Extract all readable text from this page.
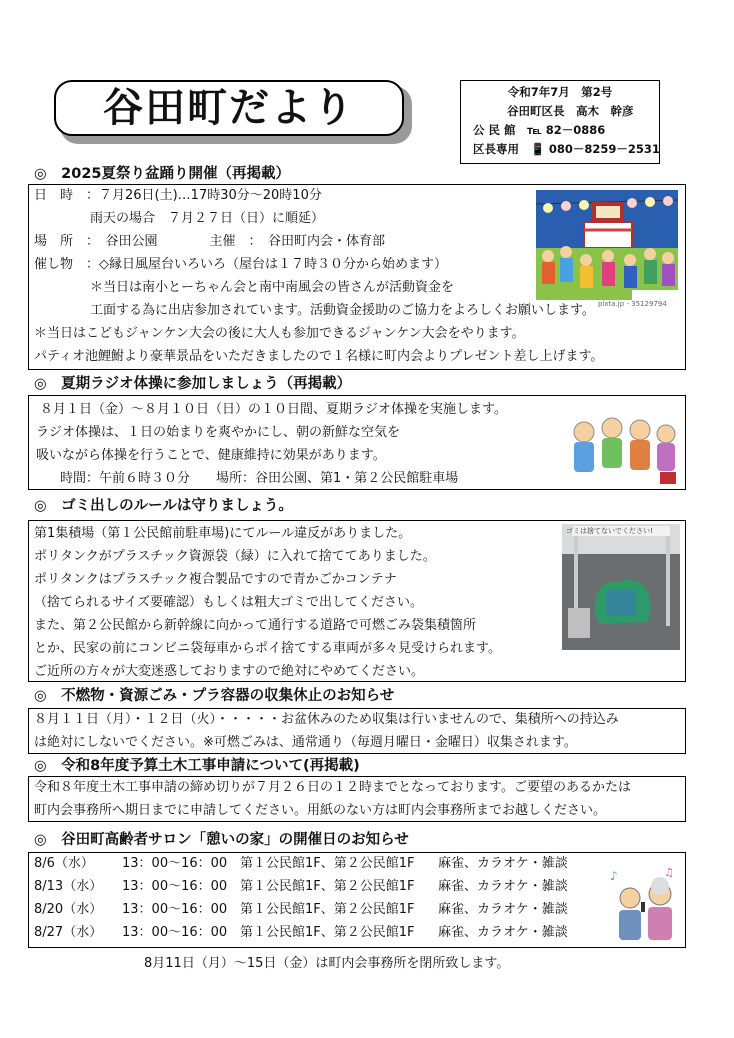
谷田町だより	令和7年7月　第2号
谷田町区長　高木　幹彦
公 民 館　℡ 82－0886
区長専用　📱 080－8259－2531
◎　2025夏祭り盆踊り開催（再掲載）
日　時　：７月26日(土)…17時30分～20時10分
雨天の場合　７月２７日（日）に順延）
場　所　：　谷田公園　　　　主催　：　谷田町内会・体育部
催し物　：◇縁日風屋台いろいろ（屋台は１７時３０分から始めます）
＊当日は南小とーちゃん会と南中南風会の皆さんが活動資金を
工面する為に出店参加されています。活動資金援助のご協力をよろしくお願いします。
＊当日はこどもジャンケン大会の後に大人も参加できるジャンケン大会をやります。
パティオ池鯉鮒より豪華景品をいただきましたので１名様に町内会よりプレゼント差し上げます。
pixta.jp - 35129794
◎　夏期ラジオ体操に参加しましょう（再掲載）
８月１日（金）～８月１０日（日）の１０日間、夏期ラジオ体操を実施します。
ラジオ体操は、１日の始まりを爽やかにし、朝の新鮮な空気を
吸いながら体操を行うことで、健康維持に効果があります。
時間：午前６時３０分　　場所：谷田公園、第1・第２公民館駐車場
◎　ゴミ出しのルールは守りましょう。
第1集積場（第１公民館前駐車場)にてルール違反がありました。
ポリタンクがプラスチック資源袋（緑）に入れて捨ててありました。
ポリタンクはプラスチック複合製品ですので青かごかコンテナ
（捨てられるサイズ要確認）もしくは粗大ゴミで出してください。
また、第２公民館から新幹線に向かって通行する道路で可燃ごみ袋集積箇所
とか、民家の前にコンビニ袋毎車からポイ捨てする車両が多々見受けられます。
ご近所の方々が大変迷惑しておりますので絶対にやめてください。
ゴミは捨てないでください!
◎　不燃物・資源ごみ・プラ容器の収集休止のお知らせ
８月１１日（月）・１２日（火）・・・・・お盆休みのため収集は行いませんので、集積所への持込み
は絶対にしないでください。※可燃ごみは、通常通り（毎週月曜日・金曜日）収集されます。
◎　令和8年度予算土木工事申請について(再掲載)
令和８年度土木工事申請の締め切りが７月２６日の１２時までとなっております。ご要望のあるかたは
町内会事務所へ期日までに申請してください。用紙のない方は町内会事務所までお越しください。
◎　谷田町高齢者サロン「憩いの家」の開催日のお知らせ
8/6（水） 13：00～16：00 第１公民館1F、第２公民館1F 麻雀、カラオケ・雑談
8/13（水） 13：00～16：00 第１公民館1F、第２公民館1F 麻雀、カラオケ・雑談
8/20（水） 13：00～16：00 第１公民館1F、第２公民館1F 麻雀、カラオケ・雑談
8/27（水） 13：00～16：00 第１公民館1F、第２公民館1F 麻雀、カラオケ・雑談
♪	♫
8月11日（月）～15日（金）は町内会事務所を閉所致します。
